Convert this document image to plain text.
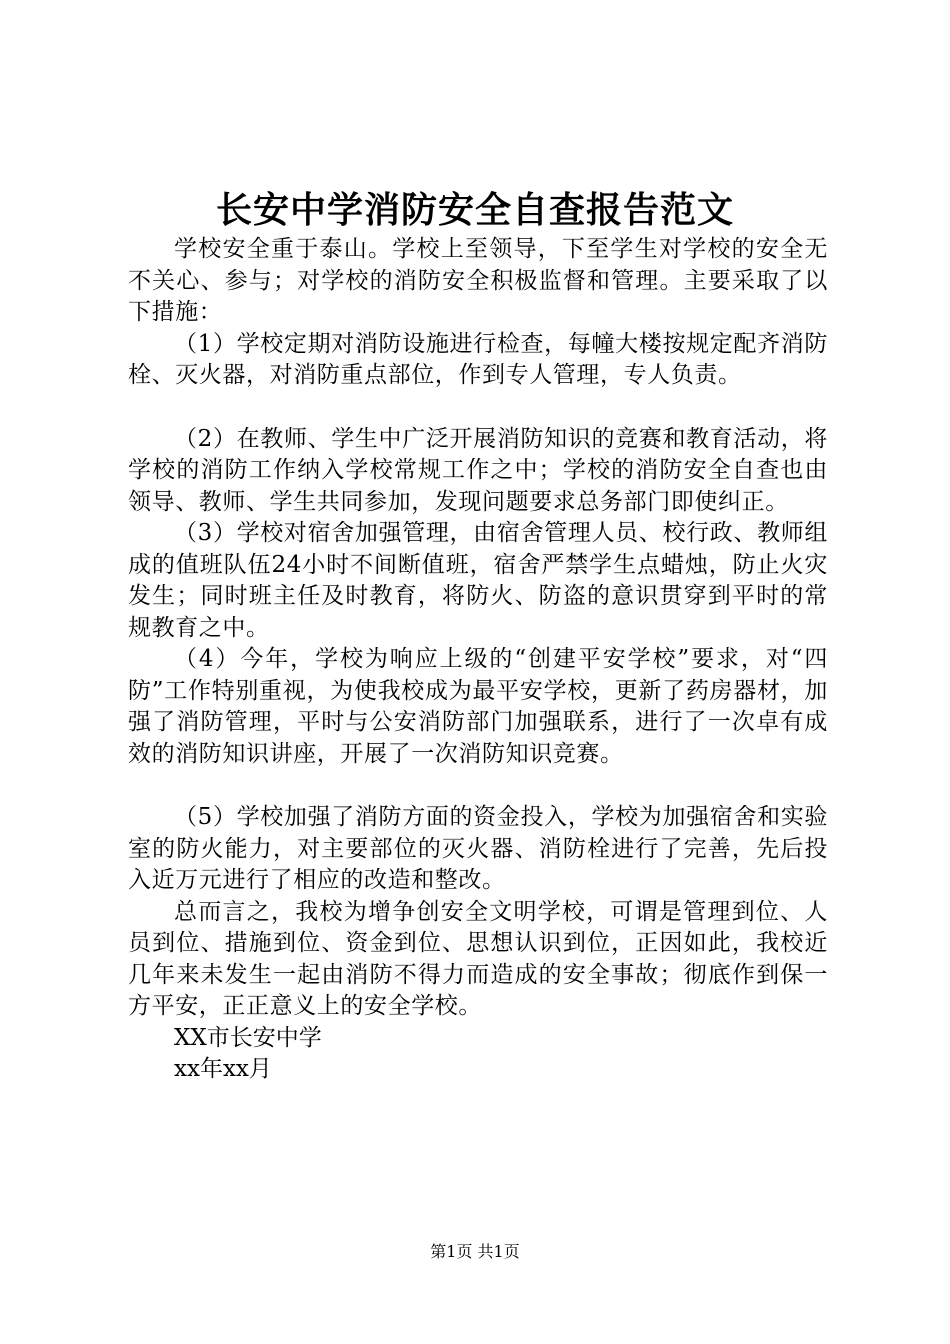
长安中学消防安全自查报告范文

学校安全重于泰山。学校上至领导，下至学生对学校的安全无不关心、参与；对学校的消防安全积极监督和管理。主要采取了以下措施：

（1）学校定期对消防设施进行检查，每幢大楼按规定配齐消防栓、灭火器，对消防重点部位，作到专人管理，专人负责。

（2）在教师、学生中广泛开展消防知识的竞赛和教育活动，将学校的消防工作纳入学校常规工作之中；学校的消防安全自查也由领导、教师、学生共同参加，发现问题要求总务部门即使纠正。

（3）学校对宿舍加强管理，由宿舍管理人员、校行政、教师组成的值班队伍24小时不间断值班，宿舍严禁学生点蜡烛，防止火灾发生；同时班主任及时教育，将防火、防盗的意识贯穿到平时的常规教育之中。

（4）今年，学校为响应上级的“创建平安学校”要求，对“四防”工作特别重视，为使我校成为最平安学校，更新了药房器材，加强了消防管理，平时与公安消防部门加强联系，进行了一次卓有成效的消防知识讲座，开展了一次消防知识竞赛。

（5）学校加强了消防方面的资金投入，学校为加强宿舍和实验室的防火能力，对主要部位的灭火器、消防栓进行了完善，先后投入近万元进行了相应的改造和整改。

总而言之，我校为增争创安全文明学校，可谓是管理到位、人员到位、措施到位、资金到位、思想认识到位，正因如此，我校近几年来未发生一起由消防不得力而造成的安全事故；彻底作到保一方平安，正正意义上的安全学校。

XX市长安中学

xx年xx月

第1页 共1页
